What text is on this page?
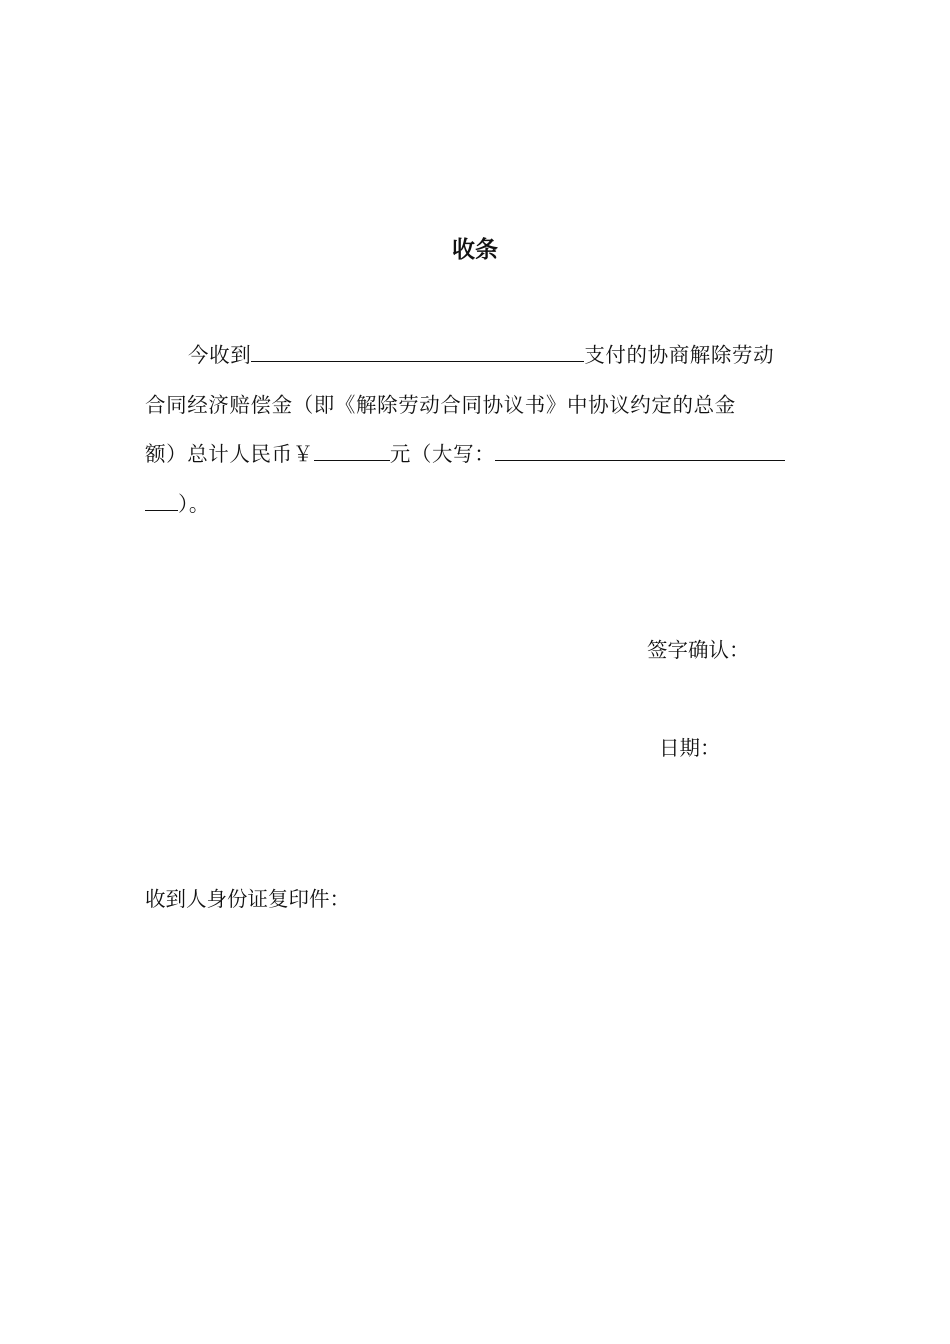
收条
今收到	支付的协商解除劳动
合同经济赔偿金（即《解除劳动合同协议书》中协议约定的总金
额）总计人民币￥	元（大写：
）。

签字确认：

日期：

收到人身份证复印件：
